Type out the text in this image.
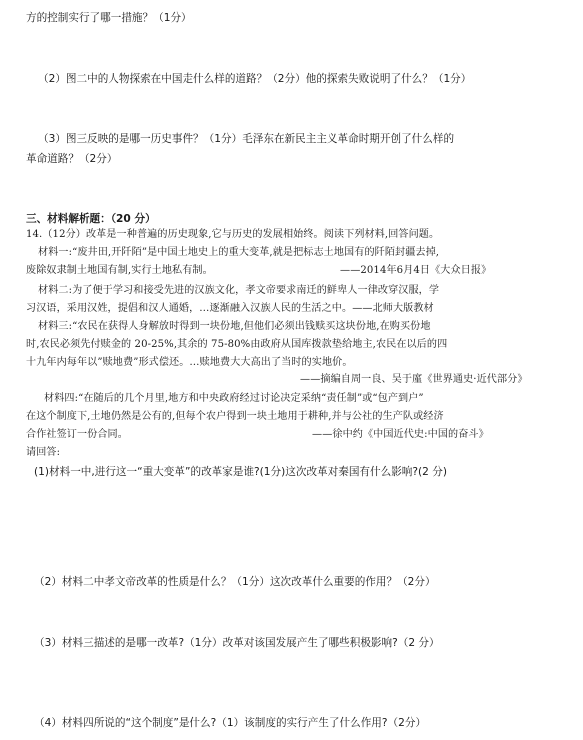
方的控制实行了哪一措施？（1分）
（2）图二中的人物探索在中国走什么样的道路？（2分）他的探索失败说明了什么？（1分）
（3）图三反映的是哪一历史事件？（1分）毛泽东在新民主主义革命时期开创了什么样的
革命道路？（2分）
三、材料解析题：（20 分）
14.（12分）改革是一种普遍的历史现象,它与历史的发展相始终。阅读下列材料,回答问题。
材料一:“废井田,开阡陌”是中国土地史上的重大变革,就是把标志土地国有的阡陌封疆去掉,
废除奴隶制土地国有制,实行土地私有制。	——2014年6月4日《大众日报》
材料二:为了便于学习和接受先进的汉族文化，孝文帝要求南迁的鲜卑人一律改穿汉服，学
习汉语，采用汉姓，提倡和汉人通婚，…逐渐融入汉族人民的生活之中。——北师大版教材
材料三:“农民在获得人身解放时得到一块份地,但他们必须出钱赎买这块份地,在购买份地
时,农民必须先付赎金的 20-25%,其余的 75-80%由政府从国库拨款垫给地主,农民在以后的四
十九年内每年以”赎地费”形式偿还。…赎地费大大高出了当时的实地价。
——摘编自周一良、吴于廑《世界通史·近代部分》
材料四:“在随后的几个月里,地方和中央政府经过讨论决定采纳“责任制”或“包产到户”
在这个制度下,土地仍然是公有的,但每个农户得到一块土地用于耕种,并与公社的生产队或经济
合作社签订一份合同。	——徐中约《中国近代史:中国的奋斗》
请回答:
(1)材料一中,进行这一“重大变革”的改革家是谁?(1分)这次改革对秦国有什么影响?(2 分)
（2）材料二中孝文帝改革的性质是什么？（1分）这次改革什么重要的作用？（2分）
（3）材料三描述的是哪一改革?（1分）改革对该国发展产生了哪些积极影响?（2 分）
（4）材料四所说的“这个制度”是什么?（1）该制度的实行产生了什么作用?（2分）
